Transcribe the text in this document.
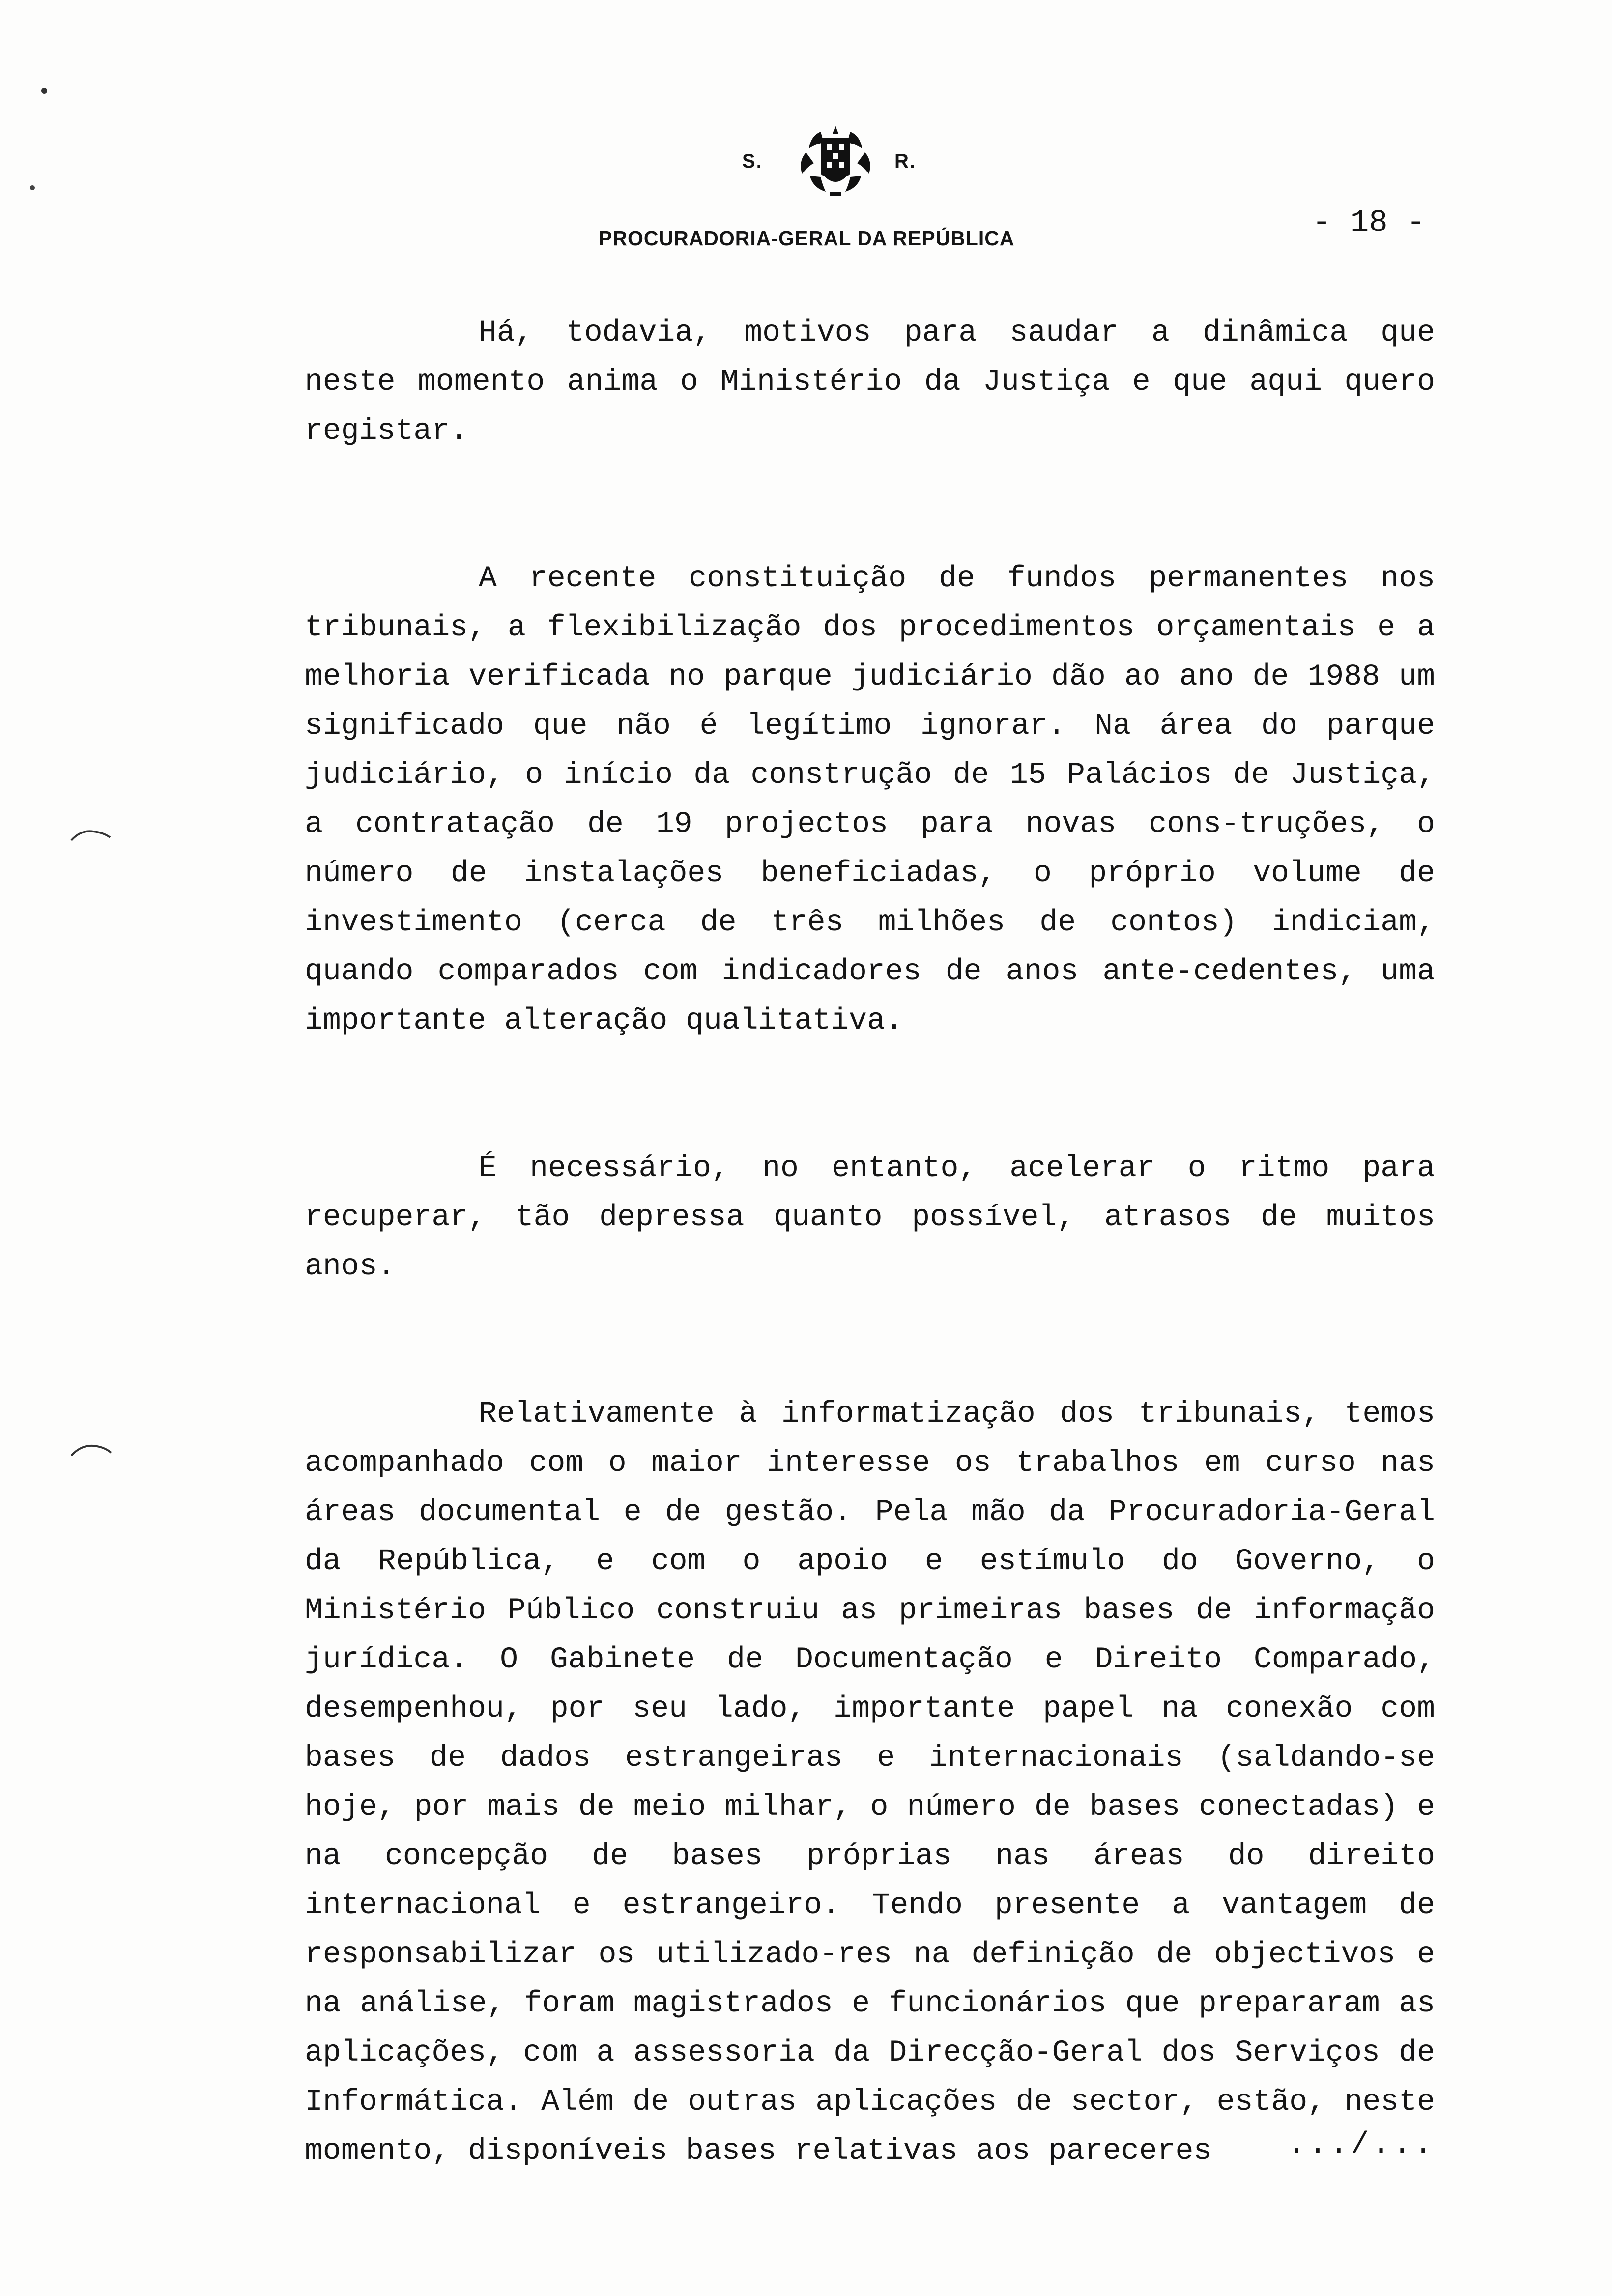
S.	R.
PROCURADORIA-GERAL DA REPÚBLICA	- 18 -

Há, todavia, motivos para saudar a dinâmica que neste momento anima o Ministério da Justiça e que aqui quero registar.

A recente constituição de fundos permanentes nos tribunais, a flexibilização dos procedimentos orçamentais e a melhoria verificada no parque judiciário dão ao ano de 1988 um significado que não é legítimo ignorar. Na área do parque judiciário, o início da construção de 15 Palácios de Justiça, a contratação de 19 projectos para novas cons-truções, o número de instalações beneficiadas, o próprio volume de investimento (cerca de três milhões de contos) indiciam, quando comparados com indicadores de anos ante-cedentes, uma importante alteração qualitativa.

É necessário, no entanto, acelerar o ritmo para recuperar, tão depressa quanto possível, atrasos de muitos anos.

Relativamente à informatização dos tribunais, temos acompanhado com o maior interesse os trabalhos em curso nas áreas documental e de gestão. Pela mão da Procuradoria-Geral da República, e com o apoio e estímulo do Governo, o Ministério Público construiu as primeiras bases de informação jurídica. O Gabinete de Documentação e Direito Comparado, desempenhou, por seu lado, importante papel na conexão com bases de dados estrangeiras e internacionais (saldando-se hoje, por mais de meio milhar, o número de bases conectadas) e na concepção de bases próprias nas áreas do direito internacional e estrangeiro. Tendo presente a vantagem de responsabilizar os utilizado-res na definição de objectivos e na análise, foram magistrados e funcionários que prepararam as aplicações, com a assessoria da Direcção-Geral dos Serviços de Informática. Além de outras aplicações de sector, estão, neste momento, disponíveis bases relativas aos pareceres	.../...
